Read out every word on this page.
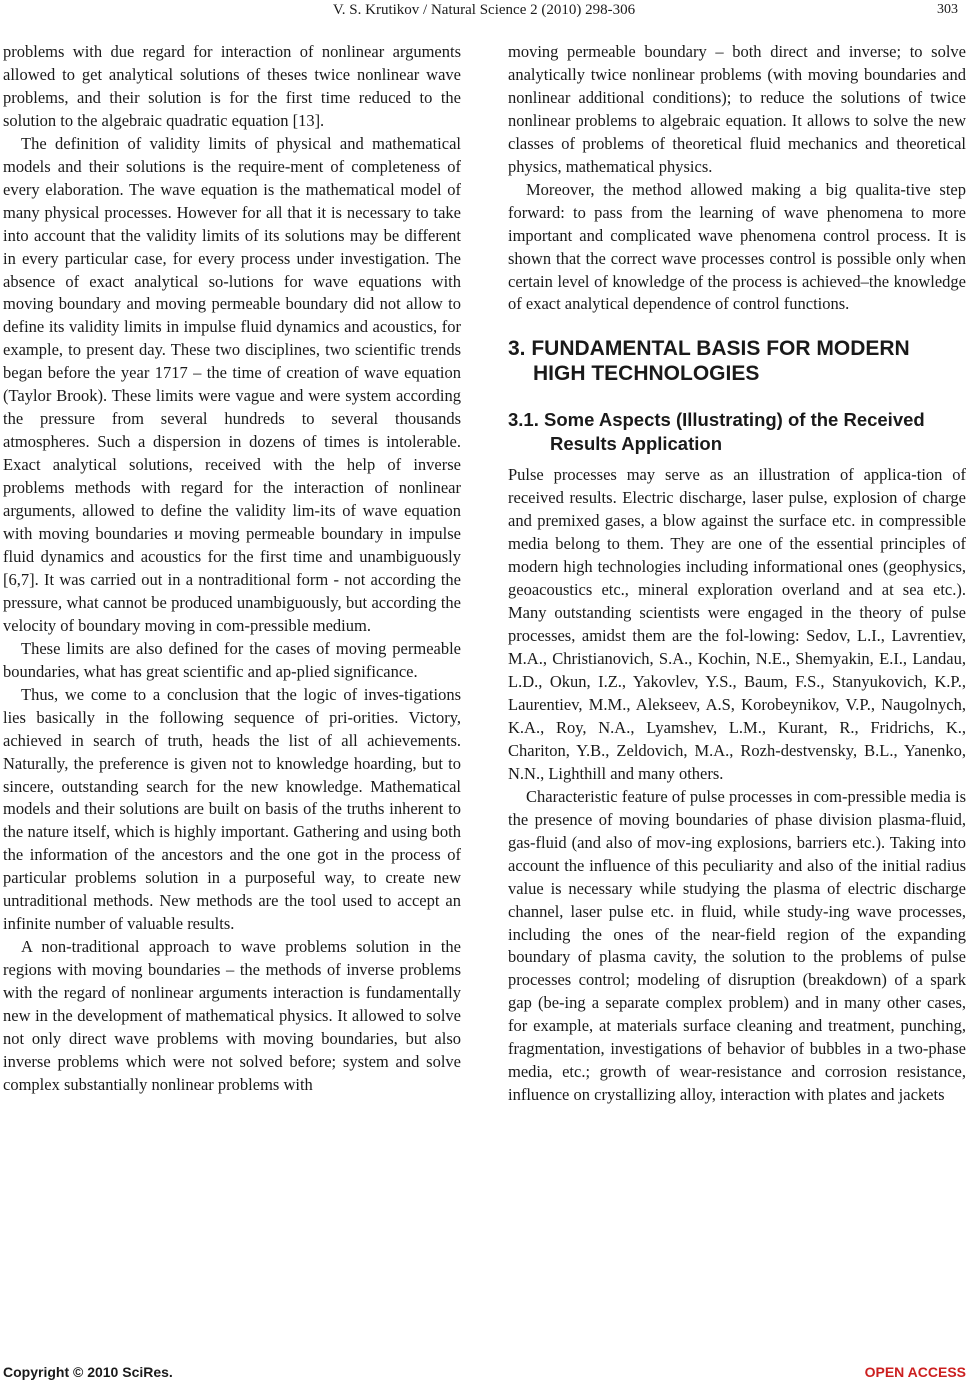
V. S. Krutikov / Natural Science 2 (2010) 298-306	303

problems with due regard for interaction of nonlinear arguments allowed to get analytical solutions of theses twice nonlinear wave problems, and their solution is for the first time reduced to the solution to the algebraic quadratic equation [13].

The definition of validity limits of physical and mathematical models and their solutions is the require-ment of completeness of every elaboration. The wave equation is the mathematical model of many physical processes. However for all that it is necessary to take into account that the validity limits of its solutions may be different in every particular case, for every process under investigation. The absence of exact analytical so-lutions for wave equations with moving boundary and moving permeable boundary did not allow to define its validity limits in impulse fluid dynamics and acoustics, for example, to present day. These two disciplines, two scientific trends began before the year 1717 – the time of creation of wave equation (Taylor Brook). These limits were vague and were system according the pressure from several hundreds to several thousands atmospheres. Such a dispersion in dozens of times is intolerable. Exact analytical solutions, received with the help of inverse problems methods with regard for the interaction of nonlinear arguments, allowed to define the validity lim-its of wave equation with moving boundaries и moving permeable boundary in impulse fluid dynamics and acoustics for the first time and unambiguously [6,7]. It was carried out in a nontraditional form - not according the pressure, what cannot be produced unambiguously, but according the velocity of boundary moving in com-pressible medium.

These limits are also defined for the cases of moving permeable boundaries, what has great scientific and ap-plied significance.

Thus, we come to a conclusion that the logic of inves-tigations lies basically in the following sequence of pri-orities. Victory, achieved in search of truth, heads the list of all achievements. Naturally, the preference is given not to knowledge hoarding, but to sincere, outstanding search for the new knowledge. Mathematical models and their solutions are built on basis of the truths inherent to the nature itself, which is highly important. Gathering and using both the information of the ancestors and the one got in the process of particular problems solution in a purposeful way, to create new untraditional methods. New methods are the tool used to accept an infinite number of valuable results.

A non-traditional approach to wave problems solution in the regions with moving boundaries – the methods of inverse problems with the regard of nonlinear arguments interaction is fundamentally new in the development of mathematical physics. It allowed to solve not only direct wave problems with moving boundaries, but also inverse problems which were not solved before; system and solve complex substantially nonlinear problems with

moving permeable boundary – both direct and inverse; to solve analytically twice nonlinear problems (with moving boundaries and nonlinear additional conditions); to reduce the solutions of twice nonlinear problems to algebraic equation. It allows to solve the new classes of problems of theoretical fluid mechanics and theoretical physics, mathematical physics.

Moreover, the method allowed making a big qualita-tive step forward: to pass from the learning of wave phenomena to more important and complicated wave phenomena control process. It is shown that the correct wave processes control is possible only when certain level of knowledge of the process is achieved–the knowledge of exact analytical dependence of control functions.

3. FUNDAMENTAL BASIS FOR MODERN HIGH TECHNOLOGIES
3.1. Some Aspects (Illustrating) of the Received Results Application

Pulse processes may serve as an illustration of applica-tion of received results. Electric discharge, laser pulse, explosion of charge and premixed gases, a blow against the surface etc. in compressible media belong to them. They are one of the essential principles of modern high technologies including informational ones (geophysics, geoacoustics etc., mineral exploration overland and at sea etc.). Many outstanding scientists were engaged in the theory of pulse processes, amidst them are the fol-lowing: Sedov, L.I., Lavrentiev, M.A., Christianovich, S.A., Kochin, N.E., Shemyakin, E.I., Landau, L.D., Okun, I.Z., Yakovlev, Y.S., Baum, F.S., Stanyukovich, K.P., Laurentiev, M.M., Alekseev, A.S, Korobeynikov, V.P., Naugolnych, K.A., Roy, N.A., Lyamshev, L.M., Kurant, R., Fridrichs, K., Chariton, Y.B., Zeldovich, M.A., Rozh-destvensky, B.L., Yanenko, N.N., Lighthill and many others.

Characteristic feature of pulse processes in com-pressible media is the presence of moving boundaries of phase division plasma-fluid, gas-fluid (and also of mov-ing explosions, barriers etc.). Taking into account the influence of this peculiarity and also of the initial radius value is necessary while studying the plasma of electric discharge channel, laser pulse etc. in fluid, while study-ing wave processes, including the ones of the near-field region of the expanding boundary of plasma cavity, the solution to the problems of pulse processes control; modeling of disruption (breakdown) of a spark gap (be-ing a separate complex problem) and in many other cases, for example, at materials surface cleaning and treatment, punching, fragmentation, investigations of behavior of bubbles in a two-phase media, etc.; growth of wear-resistance and corrosion resistance, influence on crystallizing alloy, interaction with plates and jackets

Copyright © 2010 SciRes.	OPEN ACCESS
